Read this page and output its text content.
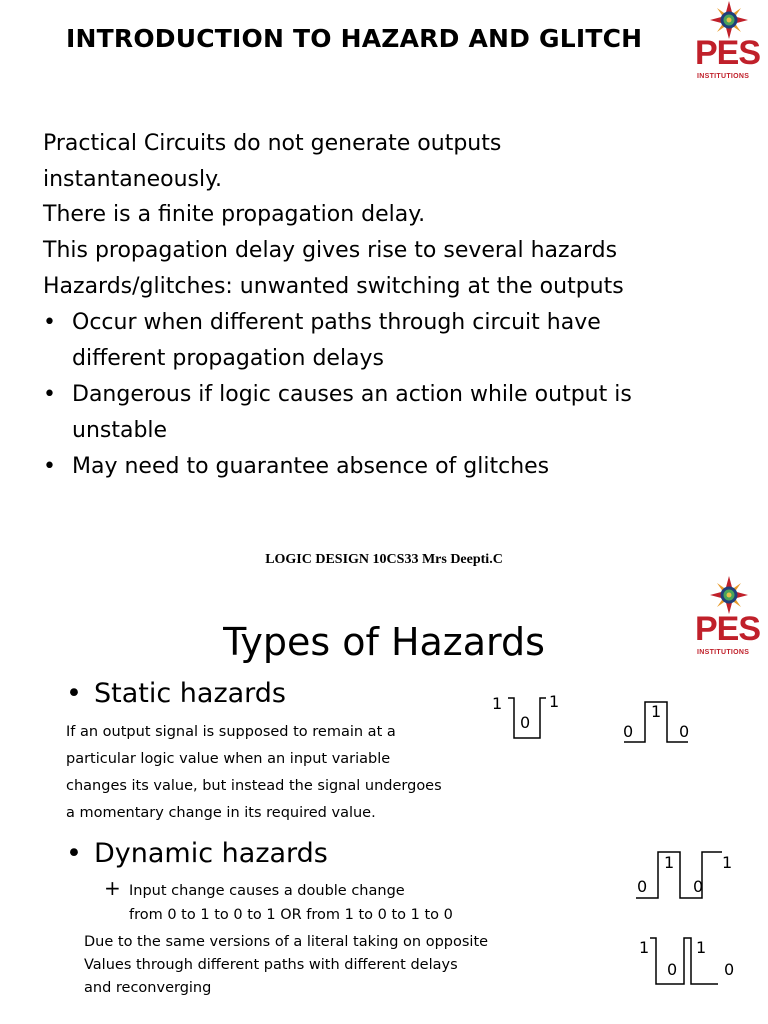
INTRODUCTION TO HAZARD AND GLITCH PES
INSTITUTIONS
Practical Circuits do not generate outputs
instantaneously.
There is a finite propagation delay.
This propagation delay gives rise to several hazards
Hazards/glitches: unwanted switching at the outputs
• Occur when different paths through circuit have
different propagation delays
• Dangerous if logic causes an action while output is
unstable
• May need to guarantee absence of glitches
LOGIC DESIGN 10CS33 Mrs Deepti.C
PES
INSTITUTIONS
Types of Hazards
• Static hazards
If an output signal is supposed to remain at a
particular logic value when an input variable
changes its value, but instead the signal undergoes
a momentary change in its required value.
• Dynamic hazards
+ Input change causes a double change
from 0 to 1 to 0 to 1 OR from 1 to 0 to 1 to 0
Due to the same versions of a literal taking on opposite
Values through different paths with different delays
and reconverging
1
0
1
0
1
0
0
1
0
1
1
0
1
0
